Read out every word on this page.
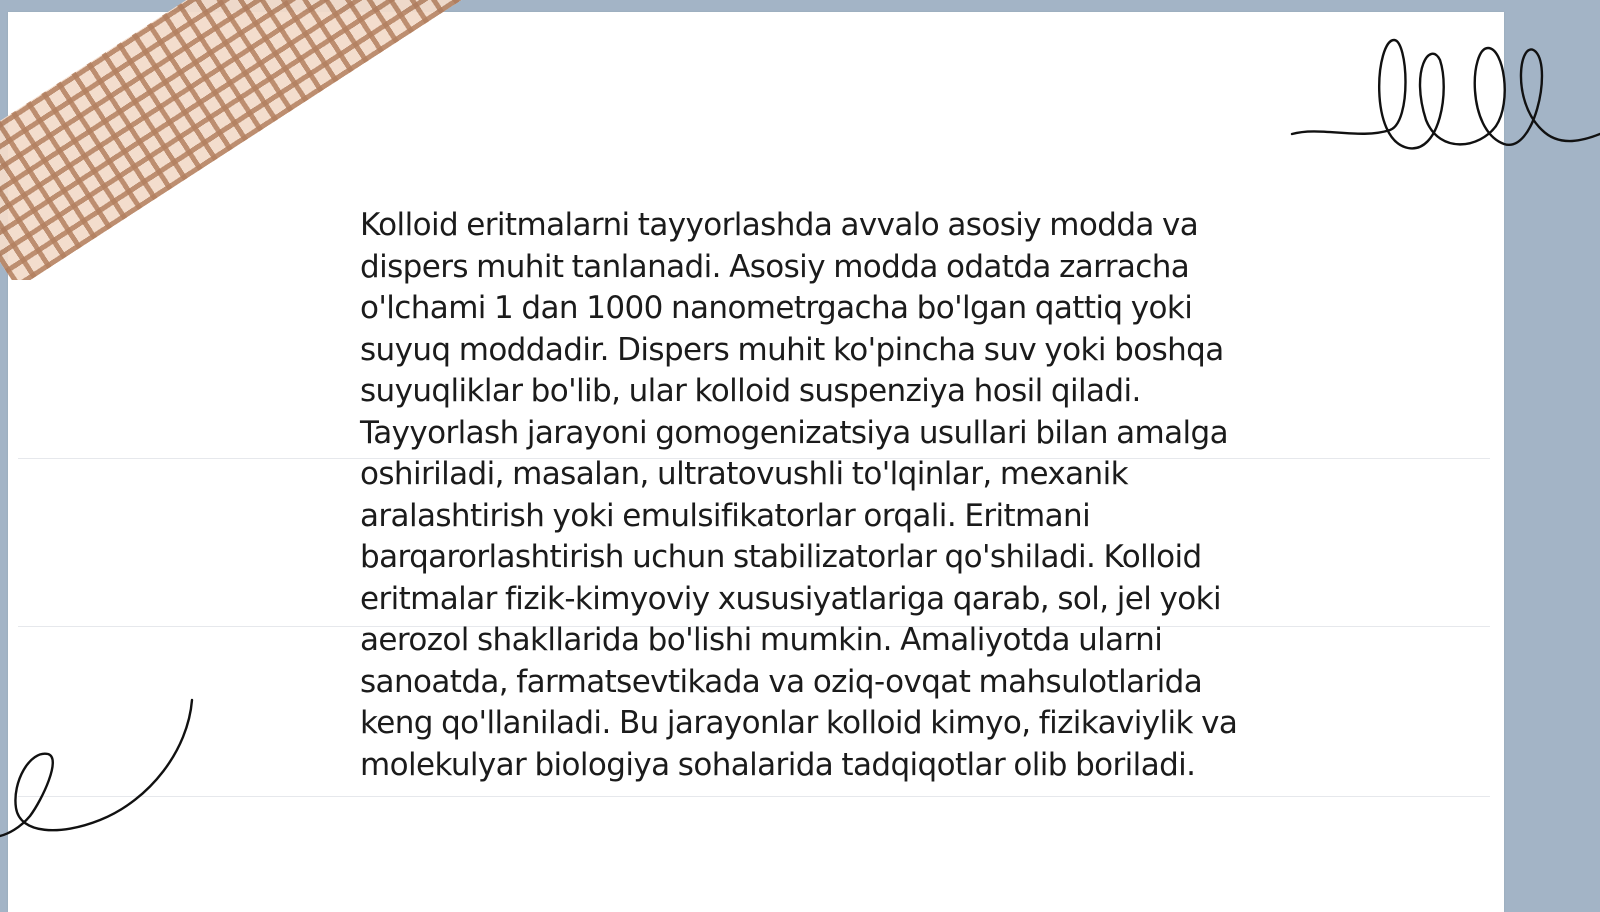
Kolloid eritmalarni tayyorlashda avvalo asosiy modda va dispers muhit tanlanadi. Asosiy modda odatda zarracha o'lchami 1 dan 1000 nanometrgacha bo'lgan qattiq yoki suyuq moddadir. Dispers muhit ko'pincha suv yoki boshqa suyuqliklar bo'lib, ular kolloid suspenziya hosil qiladi. Tayyorlash jarayoni gomogenizatsiya usullari bilan amalga oshiriladi, masalan, ultratovushli to'lqinlar, mexanik aralashtirish yoki emulsifikatorlar orqali. Eritmani barqarorlashtirish uchun stabilizatorlar qo'shiladi. Kolloid eritmalar fizik-kimyoviy xususiyatlariga qarab, sol, jel yoki aerozol shakllarida bo'lishi mumkin. Amaliyotda ularni sanoatda, farmatsevtikada va oziq-ovqat mahsulotlarida keng qo'llaniladi. Bu jarayonlar kolloid kimyo, fizikaviylik va molekulyar biologiya sohalarida tadqiqotlar olib boriladi.
